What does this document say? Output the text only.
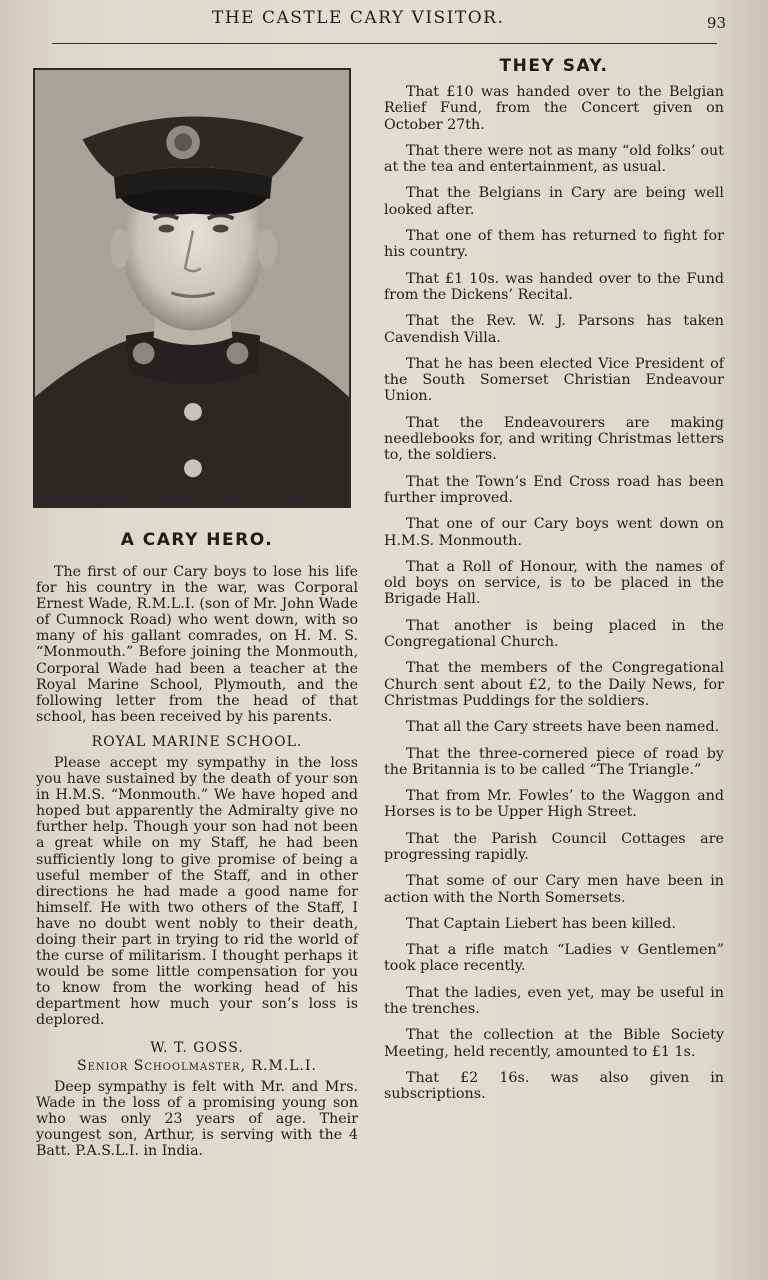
THE CASTLE CARY VISITOR.	93
A CARY HERO.

The first of our Cary boys to lose his life for his country in the war, was Corporal Ernest Wade, R.M.L.I. (son of Mr. John Wade of Cumnock Road) who went down, with so many of his gallant comrades, on H. M. S. “Monmouth.” Before joining the Monmouth, Corporal Wade had been a teacher at the Royal Marine School, Plymouth, and the following letter from the head of that school, has been received by his parents.

ROYAL MARINE SCHOOL.

Please accept my sympathy in the loss you have sustained by the death of your son in H.M.S. “Monmouth.” We have hoped and hoped but apparently the Admiralty give no further help. Though your son had not been a great while on my Staff, he had been sufficiently long to give promise of being a useful member of the Staff, and in other directions he had made a good name for himself. He with two others of the Staff, I have no doubt went nobly to their death, doing their part in trying to rid the world of the curse of militarism. I thought perhaps it would be some little compensation for you to know from the working head of his department how much your son’s loss is deplored.

W. T. GOSS.

Senior Schoolmaster, R.M.L.I.

Deep sympathy is felt with Mr. and Mrs. Wade in the loss of a promising young son who was only 23 years of age. Their youngest son, Arthur, is serving with the 4 Batt. P.A.S.L.I. in India.

THEY SAY.

That £10 was handed over to the Belgian Relief Fund, from the Concert given on October 27th.

That there were not as many “old folks’ out at the tea and entertainment, as usual.

That the Belgians in Cary are being well looked after.

That one of them has returned to fight for his country.

That £1 10s. was handed over to the Fund from the Dickens’ Recital.

That the Rev. W. J. Parsons has taken Cavendish Villa.

That he has been elected Vice President of the South Somerset Christian Endeavour Union.

That the Endeavourers are making needlebooks for, and writing Christmas letters to, the soldiers.

That the Town’s End Cross road has been further improved.

That one of our Cary boys went down on H.M.S. Monmouth.

That a Roll of Honour, with the names of old boys on service, is to be placed in the Brigade Hall.

That another is being placed in the Congregational Church.

That the members of the Congregational Church sent about £2, to the Daily News, for Christmas Puddings for the soldiers.

That all the Cary streets have been named.

That the three-cornered piece of road by the Britannia is to be called “The Triangle.”

That from Mr. Fowles’ to the Waggon and Horses is to be Upper High Street.

That the Parish Council Cottages are progressing rapidly.

That some of our Cary men have been in action with the North Somersets.

That Captain Liebert has been killed.

That a rifle match “Ladies v Gentlemen” took place recently.

That the ladies, even yet, may be useful in the trenches.

That the collection at the Bible Society Meeting, held recently, amounted to £1 1s.

That £2 16s. was also given in subscriptions.
